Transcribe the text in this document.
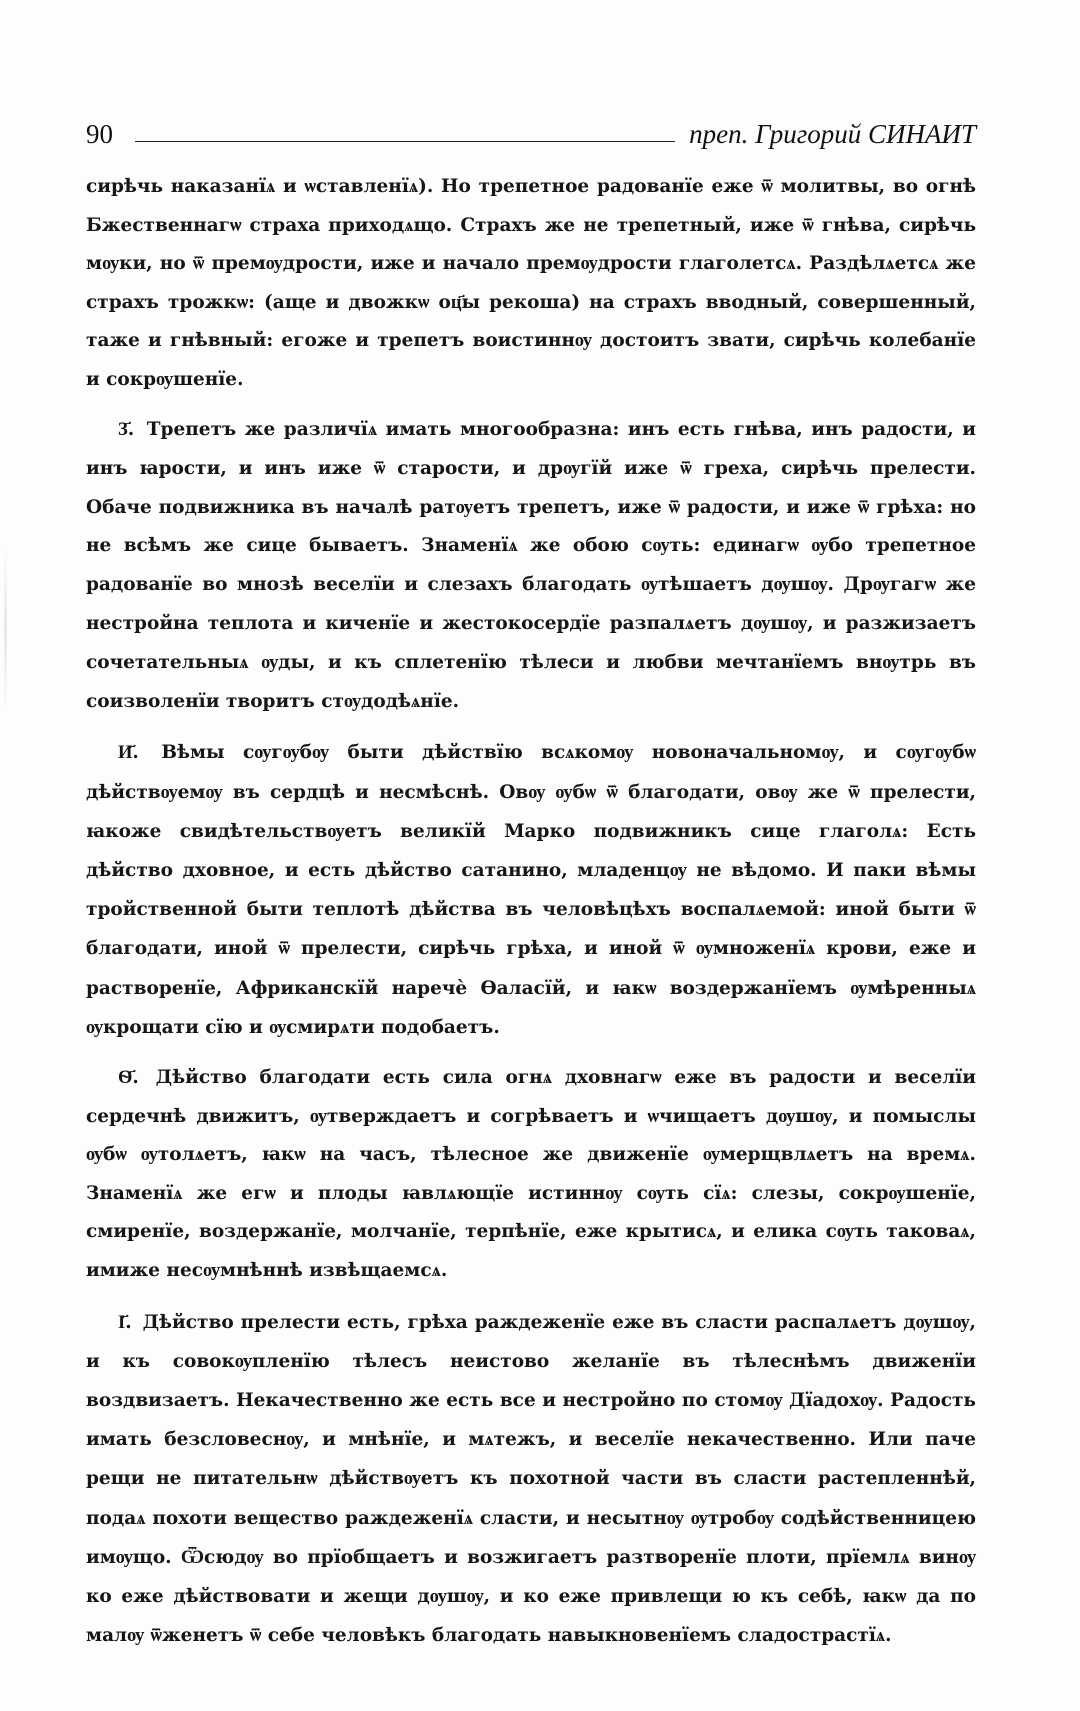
90	преп. Григорий СИНАИТ

сирѣчь наказанїѧ и ѡставленїѧ). Но трепетное радованїе еже ѿ молитвы, во огнѣ Бжественнагѡ страха приходѧщо. Страхъ же не трепетный, иже ѿ гнѣва, сирѣчь мѹки, но ѿ премѹдрости, иже и начало премѹдрости глаголетсѧ. Раздѣлѧетсѧ же страхъ трожкѡ: (аще и двожкѡ оц҃ы рекоша) на страхъ вводный, совершенный, таже и гнѣвный: егоже и трепетъ воистиннѹ достоитъ звати, сирѣчь колебанїе и сокрѹшенїе.

З҃. Трепетъ же различїѧ имать многообразна: инъ есть гнѣва, инъ радости, и инъ ꙗрости, и инъ иже ѿ старости, и дрѹгїй иже ѿ греха, сирѣчь прелести. Обаче подвижника въ началѣ ратѹетъ трепетъ, иже ѿ радости, и иже ѿ грѣха: но не всѣмъ же сице бываетъ. Знаменїѧ же обою сѹть: единагѡ ѹбо трепетное радованїе во мнозѣ веселїи и слезахъ благодать ѹтѣшаетъ дѹшѹ. Дрѹгагѡ же нестройна теплота и киченїе и жестокосердїе разпалѧетъ дѹшѹ, и разжизаетъ сочетательныѧ ѹды, и къ сплетенїю тѣлеси и любви мечтанїемъ внѹтрь въ соизволенїи творитъ стѹдодѣѧнїе.

И҃. Вѣмы сѹгѹбѹ быти дѣйствїю всѧкомѹ новоначальномѹ, и сѹгѹбѡ дѣйствѹемѹ въ сердцѣ и несмѣснѣ. Овѹ ѹбѡ ѿ благодати, овѹ же ѿ прелести, ꙗкоже свидѣтельствѹетъ великїй Марко подвижникъ сице глаголѧ: Есть дѣйство дховное, и есть дѣйство сатанино, младенцѹ не вѣдомо. И паки вѣмы тройственной быти теплотѣ дѣйства въ человѣцѣхъ воспалѧемой: иной быти ѿ благодати, иной ѿ прелести, сирѣчь грѣха, и иной ѿ ѹмноженїѧ крови, еже и растворенїе, Африканскїй наречѐ Ѳаласїй, и ꙗкѡ воздержанїемъ ѹмѣренныѧ ѹкрощати сїю и ѹсмирѧти подобаетъ.

Ѳ҃. Дѣйство благодати есть сила огнѧ дховнагѡ еже въ радости и веселїи сердечнѣ движитъ, ѹтверждаетъ и согрѣваетъ и ѡчищаетъ дѹшѹ, и помыслы ѹбѡ ѹтолѧетъ, ꙗкѡ на часъ, тѣлесное же движенїе ѹмерщвлѧетъ на времѧ. Знаменїѧ же егѡ и плоды ꙗвлѧющїе истиннѹ сѹть сїѧ: слезы, сокрѹшенїе, смиренїе, воздержанїе, молчанїе, терпѣнїе, еже крытисѧ, и елика сѹть таковаѧ, имиже несѹмнѣннѣ извѣщаемсѧ.

І҃. Дѣйство прелести есть, грѣха раждеженїе еже въ сласти распалѧетъ дѹшѹ, и къ совокѹпленїю тѣлесъ неистово желанїе въ тѣлеснѣмъ движенїи воздвизаетъ. Некачественно же есть все и нестройно по стомѹ Дїадохѹ. Радость имать безсловеснѹ, и мнѣнїе, и мѧтежъ, и веселїе некачественно. Или паче рещи не питательнѡ дѣйствѹетъ къ похотной части въ сласти растепленнѣй, подаѧ похоти вещество раждеженїѧ сласти, и несытнѹ ѹтробѹ содѣйственницею имѹщо. Ѿсюдѹ во прїобщаетъ и возжигаетъ разтворенїе плоти, прїемлѧ винѹ ко еже дѣйствовати и жещи дѹшѹ, и ко еже привлещи ю къ себѣ, ꙗкѡ да по малѹ ѿженетъ ѿ себе человѣкъ благодать навыкновенїемъ сладострастїѧ.
